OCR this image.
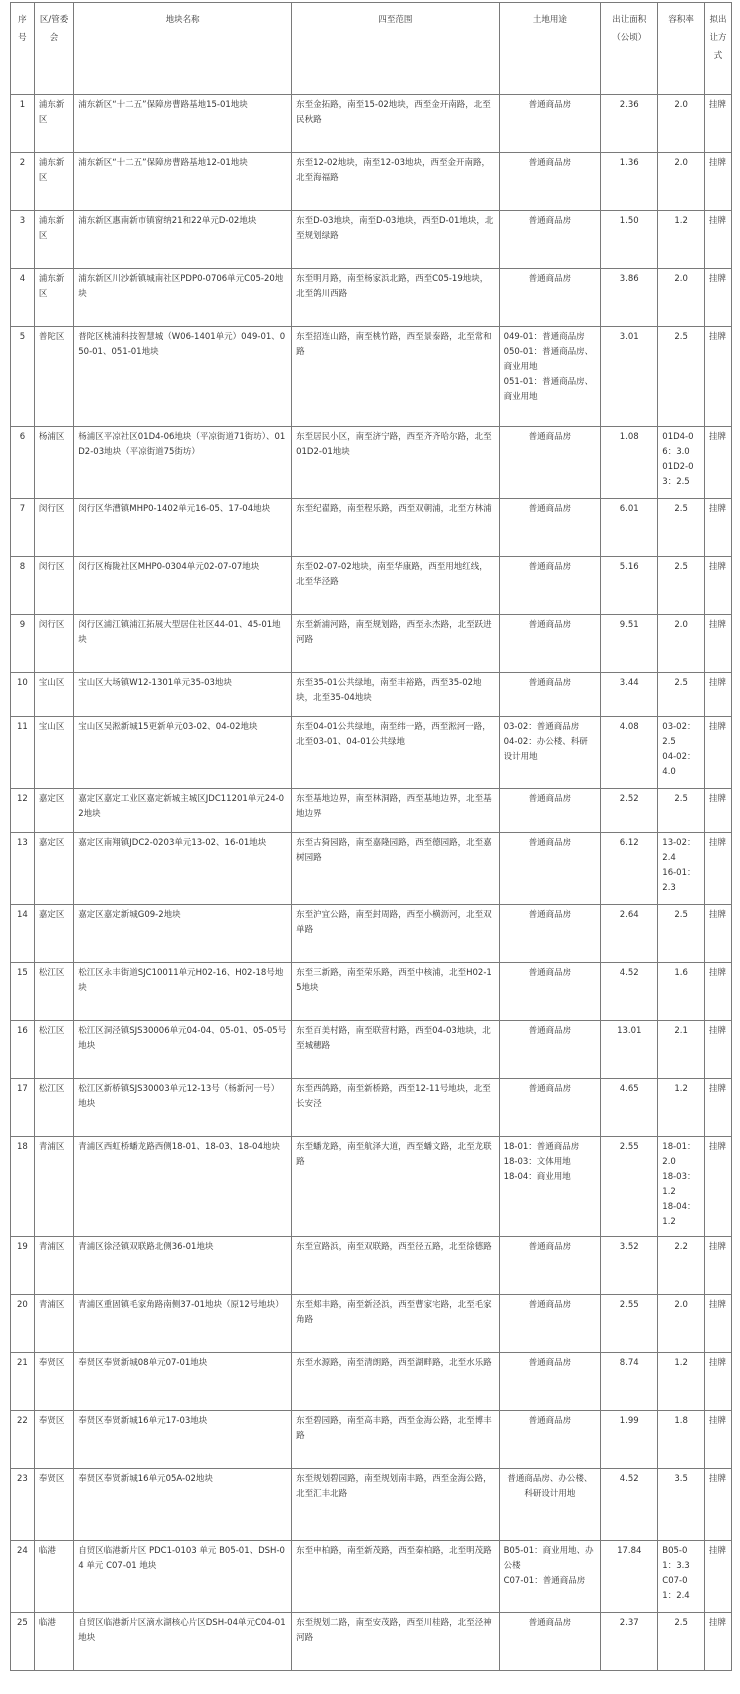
序号	区/管委会	地块名称	四至范围	土地用途	出让面积（公顷）	容积率	拟出让方式
1	浦东新区	浦东新区“十二五”保障房曹路基地15-01地块	东至金拓路，南至15-02地块，西至金开南路，北至民秋路	普通商品房	2.36	2.0	挂牌
2	浦东新区	浦东新区“十二五”保障房曹路基地12-01地块	东至12-02地块，南至12-03地块，西至金开南路，北至海福路	普通商品房	1.36	2.0	挂牌
3	浦东新区	浦东新区惠南新市镇窗纳21和22单元D-02地块	东至D-03地块，南至D-03地块，西至D-01地块，北至规划绿路	普通商品房	1.50	1.2	挂牌
4	浦东新区	浦东新区川沙新镇城南社区PDP0-0706单元C05-20地块	东至明月路，南至杨家浜北路，西至C05-19地块，北至鸽川西路	普通商品房	3.86	2.0	挂牌
5	普陀区	普陀区桃浦科技智慧城（W06-1401单元）049-01、050-01、051-01地块	东至招连山路，南至桃竹路，西至景泰路，北至常和路	049-01：普通商品房
050-01：普通商品房、商业用地
051-01：普通商品房、商业用地	3.01	2.5	挂牌
6	杨浦区	杨浦区平凉社区01D4-06地块（平凉街道71街坊）、01D2-03地块（平凉街道75街坊）	东至居民小区，南至济宁路，西至齐齐哈尔路，北至01D2-01地块	普通商品房	1.08	01D4-06：3.0
01D2-03：2.5	挂牌
7	闵行区	闵行区华漕镇MHP0-1402单元16-05、17-04地块	东至纪翟路，南至程乐路，西至双朝浦，北至方林浦	普通商品房	6.01	2.5	挂牌
8	闵行区	闵行区梅陇社区MHP0-0304单元02-07-07地块	东至02-07-02地块，南至华康路，西至用地红线，北至华泾路	普通商品房	5.16	2.5	挂牌
9	闵行区	闵行区浦江镇浦江拓展大型居住社区44-01、45-01地块	东至新浦河路，南至规划路，西至永杰路，北至跃进河路	普通商品房	9.51	2.0	挂牌
10	宝山区	宝山区大场镇W12-1301单元35-03地块	东至35-01公共绿地，南至丰裕路，西至35-02地块，北至35-04地块	普通商品房	3.44	2.5	挂牌
11	宝山区	宝山区吴淞新城15更新单元03-02、04-02地块	东至04-01公共绿地，南至纬一路，西至淞河一路，北至03-01、04-01公共绿地	03-02：普通商品房
04-02：办公楼、科研设计用地	4.08	03-02：2.5
04-02：4.0	挂牌
12	嘉定区	嘉定区嘉定工业区嘉定新城主城区JDC11201单元24-02地块	东至基地边界，南至林洞路，西至基地边界，北至基地边界	普通商品房	2.52	2.5	挂牌
13	嘉定区	嘉定区南翔镇JDC2-0203单元13-02、16-01地块	东至古猗园路，南至嘉隆园路，西至德园路，北至嘉树园路	普通商品房	6.12	13-02：2.4
16-01：2.3	挂牌
14	嘉定区	嘉定区嘉定新城G09-2地块	东至沪宜公路，南至封周路，西至小横沥河，北至双单路	普通商品房	2.64	2.5	挂牌
15	松江区	松江区永丰街道SJC10011单元H02-16、H02-18号地块	东至三新路，南至荣乐路，西至中核浦，北至H02-15地块	普通商品房	4.52	1.6	挂牌
16	松江区	松江区洞泾镇SJS30006单元04-04、05-01、05-05号地块	东至百美村路，南至联营村路，西至04-03地块，北至城穗路	普通商品房	13.01	2.1	挂牌
17	松江区	松江区新桥镇SJS30003单元12-13号（杨新河一号）地块	东至西鸽路，南至新桥路，西至12-11号地块，北至长安泾	普通商品房	4.65	1.2	挂牌
18	青浦区	青浦区西虹桥蟠龙路西侧18-01、18-03、18-04地块	东至蟠龙路，南至航泽大道，西至蟠文路，北至龙联路	18-01：普通商品房
18-03：文体用地
18-04：商业用地	2.55	18-01：2.0
18-03：1.2
18-04：1.2	挂牌
19	青浦区	青浦区徐泾镇双联路北侧36-01地块	东至宣路浜，南至双联路，西至径五路，北至徐德路	普通商品房	3.52	2.2	挂牌
20	青浦区	青浦区重固镇毛家角路南侧37-01地块（原12号地块）	东至郏丰路，南至新泾浜，西至曹家宅路，北至毛家角路	普通商品房	2.55	2.0	挂牌
21	奉贤区	奉贤区奉贤新城08单元07-01地块	东至水源路，南至清朗路，西至湖畔路，北至水乐路	普通商品房	8.74	1.2	挂牌
22	奉贤区	奉贤区奉贤新城16单元17-03地块	东至碧园路，南至高丰路，西至金海公路，北至博丰路	普通商品房	1.99	1.8	挂牌
23	奉贤区	奉贤区奉贤新城16单元05A-02地块	东至规划碧园路，南至规划南丰路，西至金海公路，北至汇丰北路	普通商品房、办公楼、科研设计用地	4.52	3.5	挂牌
24	临港	自贸区临港新片区 PDC1-0103 单元 B05-01、DSH-04 单元 C07-01 地块	东至申柏路，南至新茂路，西至秦柏路，北至明茂路	B05-01：商业用地、办公楼
C07-01：普通商品房	17.84	B05-01：3.3
C07-01：2.4	挂牌
25	临港	自贸区临港新片区滴水湖核心片区DSH-04单元C04-01地块	东至规划二路，南至安茂路，西至川桂路，北至泾神河路	普通商品房	2.37	2.5	挂牌
